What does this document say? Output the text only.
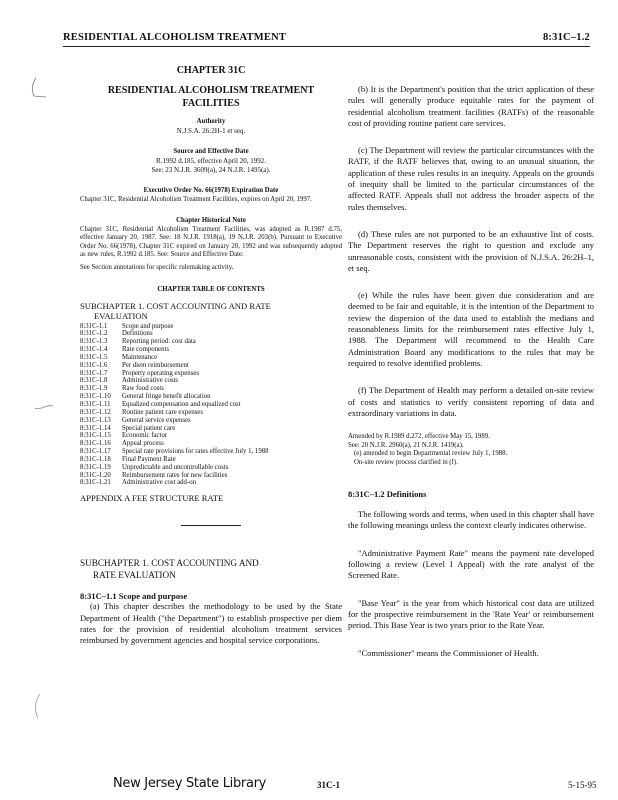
RESIDENTIAL ALCOHOLISM TREATMENT	8:31C–1.2
CHAPTER 31C
RESIDENTIAL ALCOHOLISM TREATMENT FACILITIES
Authority
N.J.S.A. 26:2H-1 et seq.
Source and Effective Date
R.1992 d.185, effective April 20, 1992.
See: 23 N.J.R. 3609(a), 24 N.J.R. 1495(a).
Executive Order No. 66(1978) Expiration Date
Chapter 31C, Residential Alcoholism Treatment Facilities, expires on April 20, 1997.
Chapter Historical Note
Chapter 31C, Residential Alcoholism Treatment Facilities, was adopted as R.1987 d.75, effective January 20, 1987. See: 18 N.J.R. 1918(a), 19 N.J.R. 203(b). Pursuant to Executive Order No. 66(1978), Chapter 31C expired on January 20, 1992 and was subsequently adopted as new rules, R.1992 d.185. See: Source and Effective Date.
See Section annotations for specific rulemaking activity.
CHAPTER TABLE OF CONTENTS
SUBCHAPTER 1. COST ACCOUNTING AND RATE
EVALUATION
8:31C-1.1	Scope and purpose
8:31C-1.2	Definitions
8:31C-1.3	Reporting period: cost data
8:31C-1.4	Rate components
8:31C-1.5	Maintenance
8:31C-1.6	Per diem reimbursement
8:31C-1.7	Property operating expenses
8:31C-1.8	Administrative costs
8:31C-1.9	Raw food costs
8:31C-1.10	General fringe benefit allocation
8:31C-1.11	Equalized compensation and equalized cost
8:31C-1.12	Routine patient care expenses
8:31C-1.13	General service expenses
8:31C-1.14	Special patient care
8:31C-1.15	Economic factor
8:31C-1.16	Appeal process
8:31C-1.17	Special rate provisions for rates effective July 1, 1988
8:31C-1.18	Final Payment Rate
8:31C-1.19	Unpredictable and uncontrollable costs
8:31C-1.20	Reimbursement rates for new facilities
8:31C-1.21	Administrative cost add-on
APPENDIX A FEE STRUCTURE RATE
SUBCHAPTER 1. COST ACCOUNTING AND
RATE EVALUATION
8:31C–1.1 Scope and purpose

(a) This chapter describes the methodology to be used by the State Department of Health ("the Department") to establish prospective per diem rates for the provision of residential alcoholism treatment services reimbursed by government agencies and hospital service corporations.

(b) It is the Department's position that the strict application of these rules will generally produce equitable rates for the payment of residential alcoholism treatment facilities (RATFs) of the reasonable cost of providing routine patient care services.

(c) The Department will review the particular circumstances with the RATF, if the RATF believes that, owing to an unusual situation, the application of these rules results in an inequity. Appeals on the grounds of inequity shall be limited to the particular circumstances of the affected RATF. Appeals shall not address the broader aspects of the rules themselves.

(d) These rules are not purported to be an exhaustive list of costs. The Department reserves the right to question and exclude any unreasonable costs, consistent with the provision of N.J.S.A. 26:2H–1, et seq.

(e) While the rules have been given due consideration and are deemed to be fair and equitable, it is the intention of the Department to review the dispersion of the data used to establish the medians and reasonableness limits for the reimbursement rates effective July 1, 1988. The Department will recommend to the Health Care Administration Board any modifications to the rules that may be required to resolve identified problems.

(f) The Department of Health may perform a detailed on-site review of costs and statistics to verify consistent reporting of data and extraordinary variations in data.

Amended by R.1989 d.272, effective May 15, 1989.
See: 20 N.J.R. 2960(a), 21 N.J.R. 1419(a).
(e) amended to begin Departmental review July 1, 1988.
On-site review process clarified in (f).
8:31C–1.2 Definitions

The following words and terms, when used in this chapter shall have the following meanings unless the context clearly indicates otherwise.

"Administrative Payment Rate" means the payment rate developed following a review (Level I Appeal) with the rate analyst of the Screened Rate.

"Base Year" is the year from which historical cost data are utilized for the prospective reimbursement in the 'Rate Year' or reimbursement period. This Base Year is two years prior to the Rate Year.

"Commissioner" means the Commissioner of Health.

New Jersey State Library	31C-1	5-15-95
